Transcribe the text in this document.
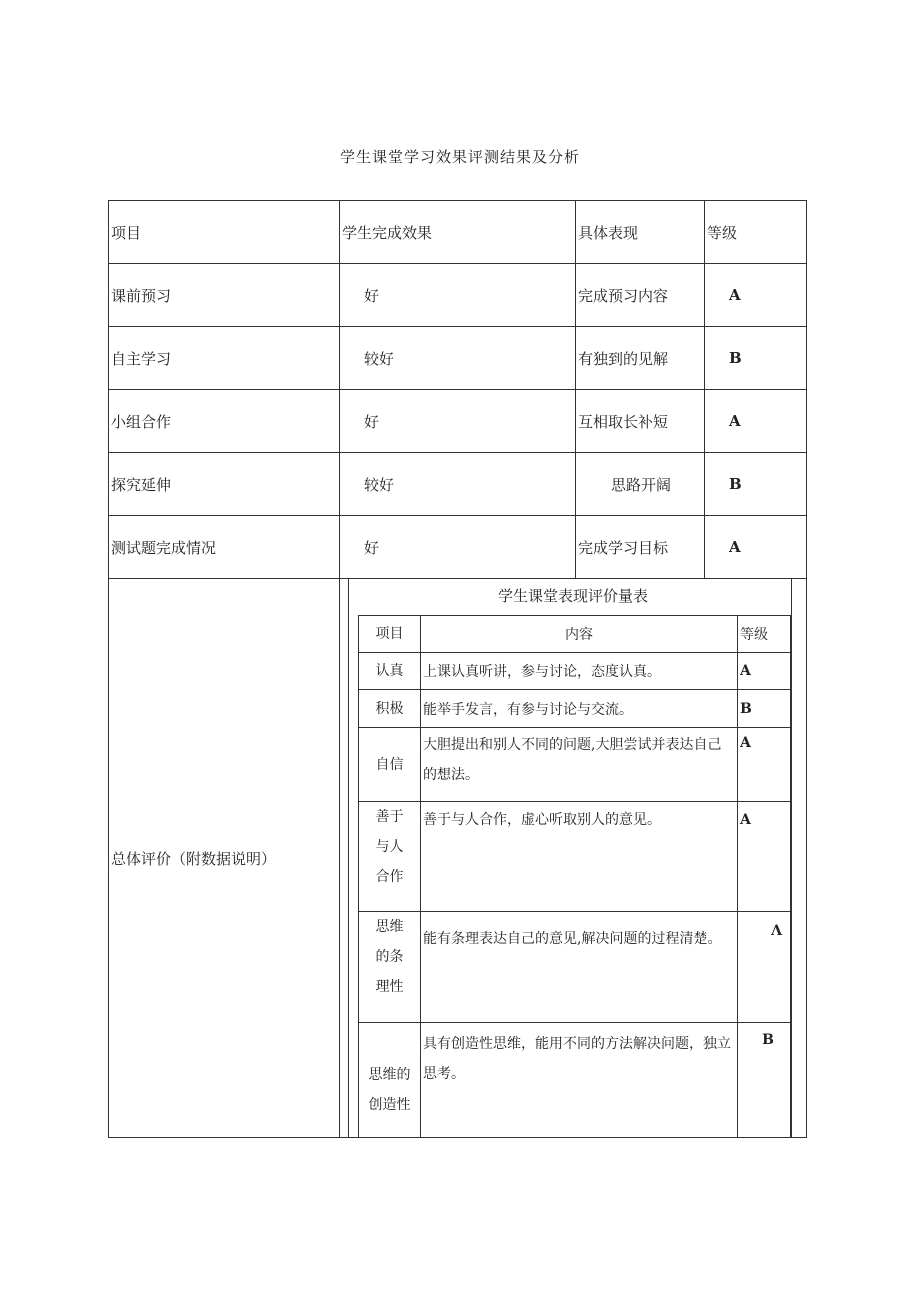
学生课堂学习效果评测结果及分析
项目	学生完成效果	具体表现	等级
课前预习	好	完成预习内容	A
自主学习	较好	有独到的见解	B
小组合作	好	互相取长补短	A
探究延伸	较好	思路开阔	B
测试题完成情况	好	完成学习目标	A
总体评价（附数据说明）	
学生课堂表现评价量表
项目	内容	等级
认真	上课认真听讲，参与讨论，态度认真。	A
积极	能举手发言，有参与讨论与交流。	B
自信	大胆提出和别人不同的问题,大胆尝试并表达自己的想法。	A
善于与人合作	善于与人合作，虚心听取别人的意见。	A
思维的条理性	能有条理表达自己的意见,解决问题的过程清楚。	Λ
思维的创造性	具有创造性思维，能用不同的方法解决问题，独立思考。	B
